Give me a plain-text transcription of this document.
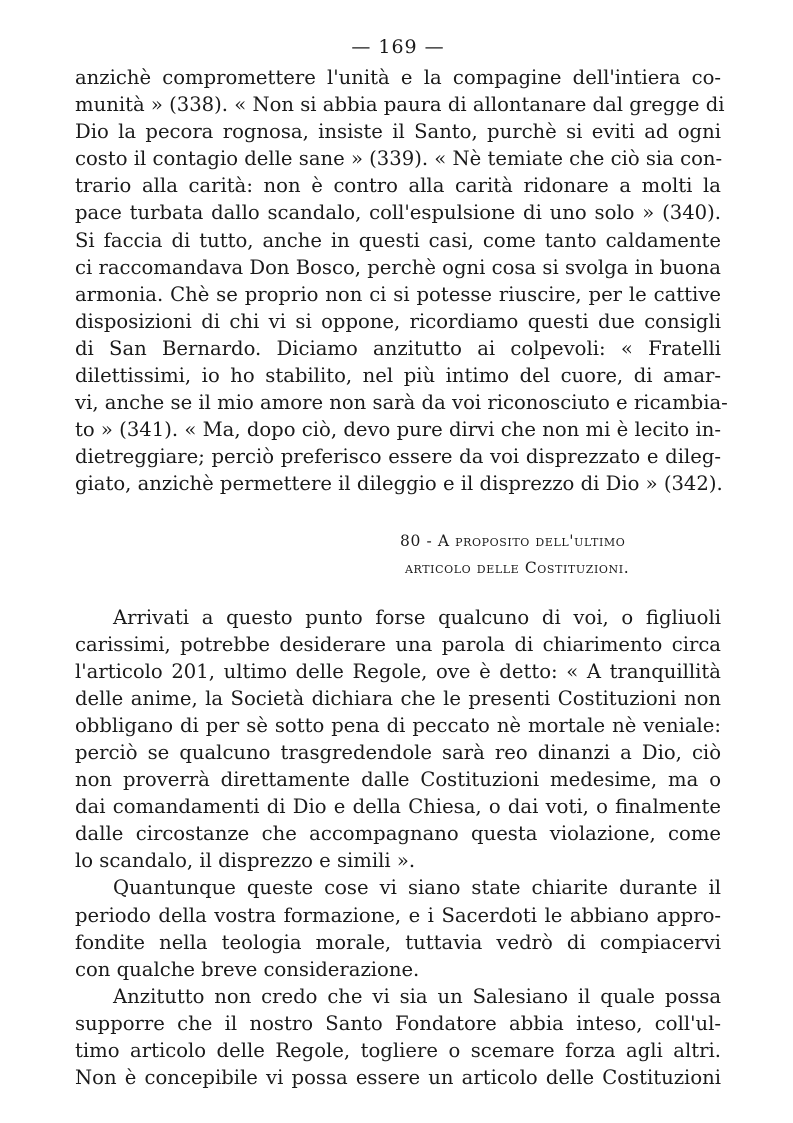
— 169 —
anzichè compromettere l'unità e la compagine dell'intiera co-
munità » (338). « Non si abbia paura di allontanare dal gregge di
Dio la pecora rognosa, insiste il Santo, purchè si eviti ad ogni
costo il contagio delle sane » (339). « Nè temiate che ciò sia con-
trario alla carità: non è contro alla carità ridonare a molti la
pace turbata dallo scandalo, coll'espulsione di uno solo » (340).
Si faccia di tutto, anche in questi casi, come tanto caldamente
ci raccomandava Don Bosco, perchè ogni cosa si svolga in buona
armonia. Chè se proprio non ci si potesse riuscire, per le cattive
disposizioni di chi vi si oppone, ricordiamo questi due consigli
di San Bernardo. Diciamo anzitutto ai colpevoli: « Fratelli
dilettissimi, io ho stabilito, nel più intimo del cuore, di amar-
vi, anche se il mio amore non sarà da voi riconosciuto e ricambia-
to » (341). « Ma, dopo ciò, devo pure dirvi che non mi è lecito in-
dietreggiare; perciò preferisco essere da voi disprezzato e dileg-
giato, anzichè permettere il dileggio e il disprezzo di Dio » (342).
80 - A proposito dell'ultimo
articolo delle Costituzioni.
Arrivati a questo punto forse qualcuno di voi, o figliuoli
carissimi, potrebbe desiderare una parola di chiarimento circa
l'articolo 201, ultimo delle Regole, ove è detto: « A tranquillità
delle anime, la Società dichiara che le presenti Costituzioni non
obbligano di per sè sotto pena di peccato nè mortale nè veniale:
perciò se qualcuno trasgredendole sarà reo dinanzi a Dio, ciò
non proverrà direttamente dalle Costituzioni medesime, ma o
dai comandamenti di Dio e della Chiesa, o dai voti, o finalmente
dalle circostanze che accompagnano questa violazione, come
lo scandalo, il disprezzo e simili ».
Quantunque queste cose vi siano state chiarite durante il
periodo della vostra formazione, e i Sacerdoti le abbiano appro-
fondite nella teologia morale, tuttavia vedrò di compiacervi
con qualche breve considerazione.
Anzitutto non credo che vi sia un Salesiano il quale possa
supporre che il nostro Santo Fondatore abbia inteso, coll'ul-
timo articolo delle Regole, togliere o scemare forza agli altri.
Non è concepibile vi possa essere un articolo delle Costituzioni
